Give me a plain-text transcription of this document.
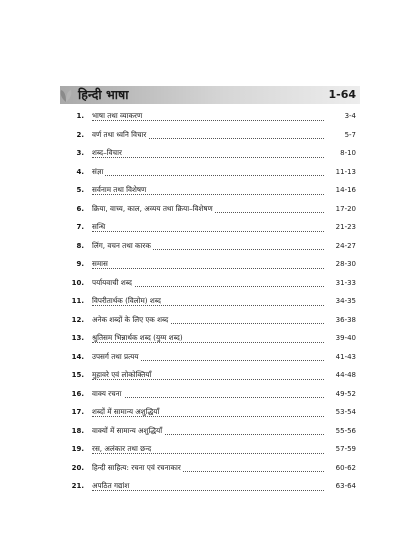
हिन्दी भाषा	1-64
1. भाषा तथा व्याकरण	3-4
2. वर्ण तथा ध्वनि विचार	5-7
3. शब्द–विचार	8-10
4. संज्ञा	11-13
5. सर्वनाम तथा विशेषण	14-16
6. क्रिया, वाच्य, काल, अव्यय तथा क्रिया–विशेषण	17-20
7. सन्धि	21-23
8. लिंग, वचन तथा कारक	24-27
9. समास	28-30
10. पर्यायवाची शब्द	31-33
11. विपरीतार्थक (विलोम) शब्द	34-35
12. अनेक शब्दों के लिए एक शब्द	36-38
13. श्रुतिसम भिन्नार्थक शब्द (युग्म शब्द)	39-40
14. उपसर्ग तथा प्रत्यय	41-43
15. मुहावरे एवं लोकोक्तियाँ	44-48
16. वाक्य रचना	49-52
17. शब्दों में सामान्य अशुद्धियाँ	53-54
18. वाक्यों में सामान्य अशुद्धियाँ	55-56
19. रस, अलंकार तथा छन्द	57-59
20. हिन्दी साहित्य: रचना एवं रचनाकार	60-62
21. अपठित गद्यांश	63-64
